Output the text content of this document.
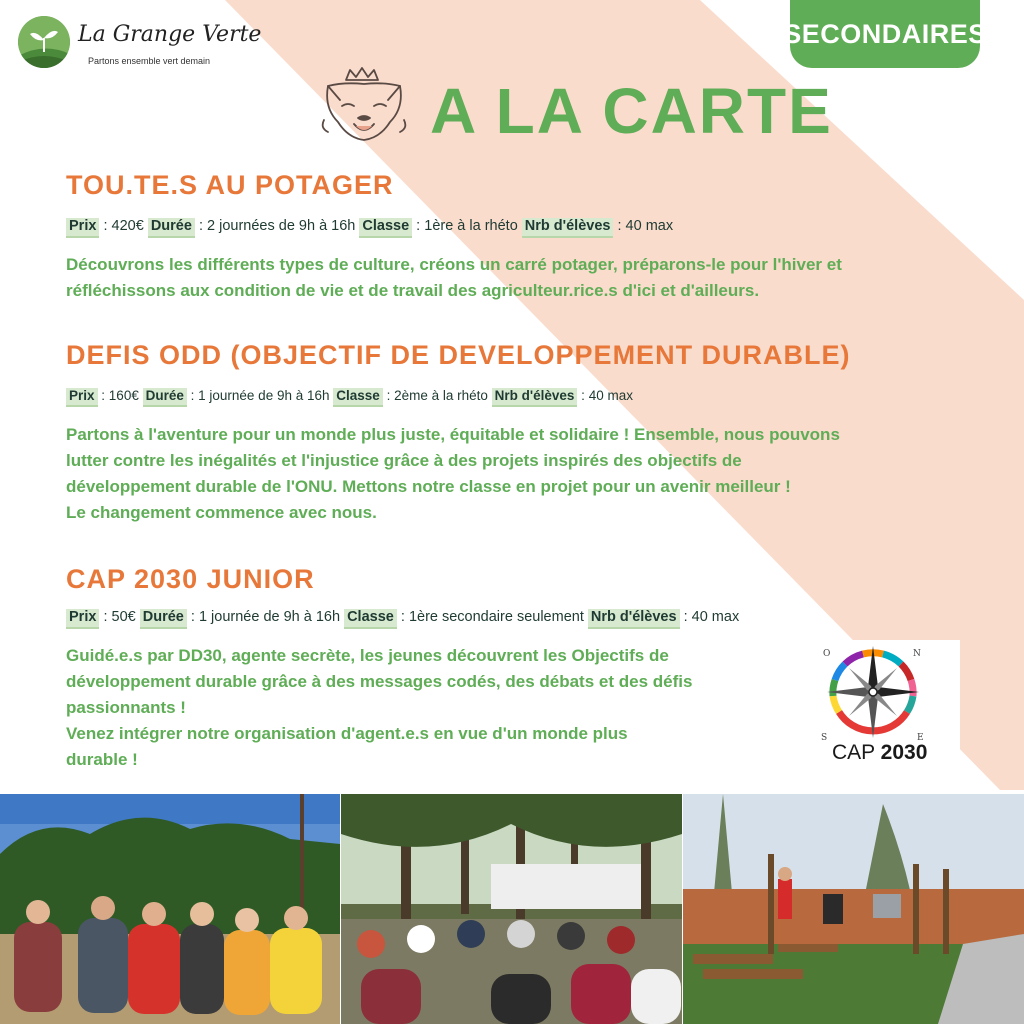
La Grange Verte
Partons ensemble vert demain
SECONDAIRES
A LA CARTE
TOU.TE.S AU POTAGER
Prix : 420€ Durée : 2 journées de 9h à 16h Classe : 1ère à la rhéto Nrb d'élèves : 40 max
Découvrons les différents types de culture, créons un carré potager, préparons-le pour l'hiver et
réfléchissons aux condition de vie et de travail des agriculteur.rice.s d'ici et d'ailleurs.
DEFIS ODD (OBJECTIF DE DEVELOPPEMENT DURABLE)
Prix : 160€ Durée : 1 journée de 9h à 16h Classe : 2ème à la rhéto Nrb d'élèves : 40 max
Partons à l'aventure pour un monde plus juste, équitable et solidaire ! Ensemble, nous pouvons
lutter contre les inégalités et l'injustice grâce à des projets inspirés des objectifs de
développement durable de l'ONU. Mettons notre classe en projet pour un avenir meilleur !
Le changement commence avec nous.
CAP 2030 JUNIOR
Prix : 50€ Durée : 1 journée de 9h à 16h Classe : 1ère secondaire seulement Nrb d'élèves : 40 max
Guidé.e.s par DD30, agente secrète, les jeunes découvrent les Objectifs de
développement durable grâce à des messages codés, des débats et des défis
passionnants !
Venez intégrer notre organisation d'agent.e.s en vue d'un monde plus
durable !
N
S	E
O
CAP 2030
